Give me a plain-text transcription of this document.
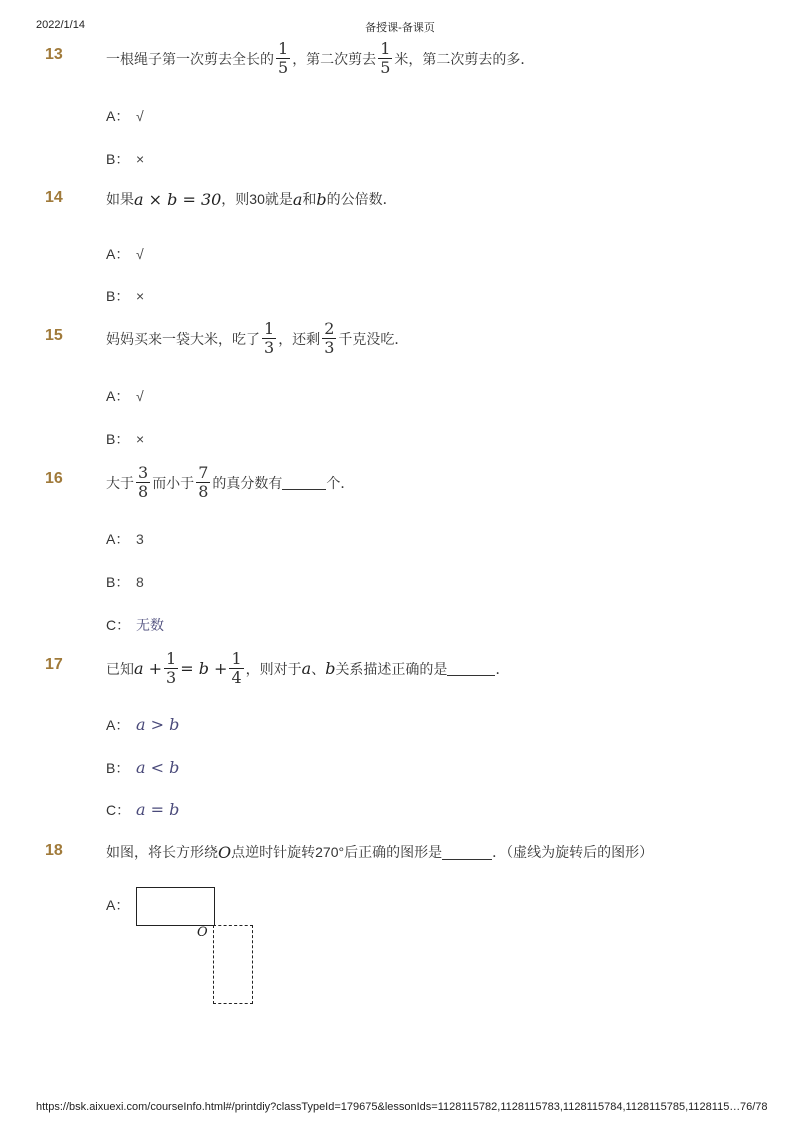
2022/1/14	备授课-备课页
13	一根绳子第一次剪去全长的 $\frac{1}{5}$ ，第二次剪去 $\frac{1}{5}$ 米，第二次剪去的多．
A： √
B： ×
14	如果 a × b = 30 ，则30就是 a 和 b 的公倍数．
A： √
B： ×
15	妈妈买来一袋大米，吃了 $\frac{1}{3}$ ，还剩 $\frac{2}{3}$ 千克没吃．
A： √
B： ×
16	大于 $\frac{3}{8}$ 而小于 $\frac{7}{8}$ 的真分数有	个．
A： 3
B： 8
C： 无数
17	已知 $a + \frac{1}{3} = b + \frac{1}{4}$ ，则对于 a 、 b 关系描述正确的是	．
A： a > b
B： a < b
C： a = b
18	如图，将长方形绕 O 点逆时针旋转270°后正确的图形是	．（虚线为旋转后的图形）
A：
O
https://bsk.aixuexi.com/courseInfo.html#/printdiy?classTypeId=179675&lessonIds=1128115782,1128115783,1128115784,1128115785,1128115… 76/78
